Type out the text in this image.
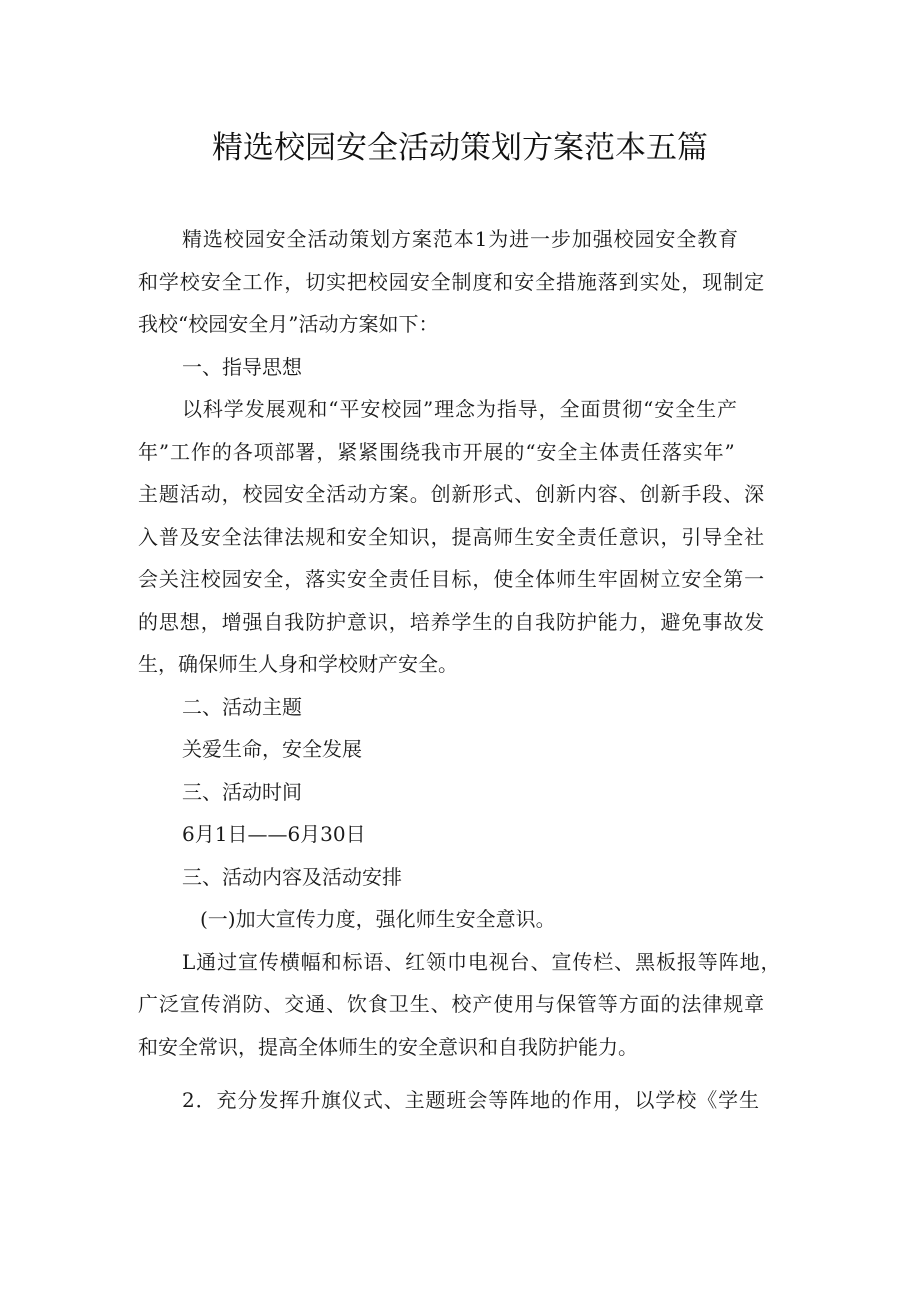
精选校园安全活动策划方案范本五篇

精选校园安全活动策划方案范本1为进一步加强校园安全教育

和学校安全工作，切实把校园安全制度和安全措施落到实处，现制定

我校“校园安全月”活动方案如下：

一、指导思想

以科学发展观和“平安校园”理念为指导，全面贯彻“安全生产

年”工作的各项部署，紧紧围绕我市开展的“安全主体责任落实年”

主题活动，校园安全活动方案。创新形式、创新内容、创新手段、深

入普及安全法律法规和安全知识，提高师生安全责任意识，引导全社

会关注校园安全，落实安全责任目标，使全体师生牢固树立安全第一

的思想，增强自我防护意识，培养学生的自我防护能力，避免事故发

生，确保师生人身和学校财产安全。

二、活动主题

关爱生命，安全发展

三、活动时间

6月1日——6月30日

三、活动内容及活动安排

(一)加大宣传力度，强化师生安全意识。

L通过宣传横幅和标语、红领巾电视台、宣传栏、黑板报等阵地，

广泛宣传消防、交通、饮食卫生、校产使用与保管等方面的法律规章

和安全常识，提高全体师生的安全意识和自我防护能力。

2．充分发挥升旗仪式、主题班会等阵地的作用，以学校《学生
